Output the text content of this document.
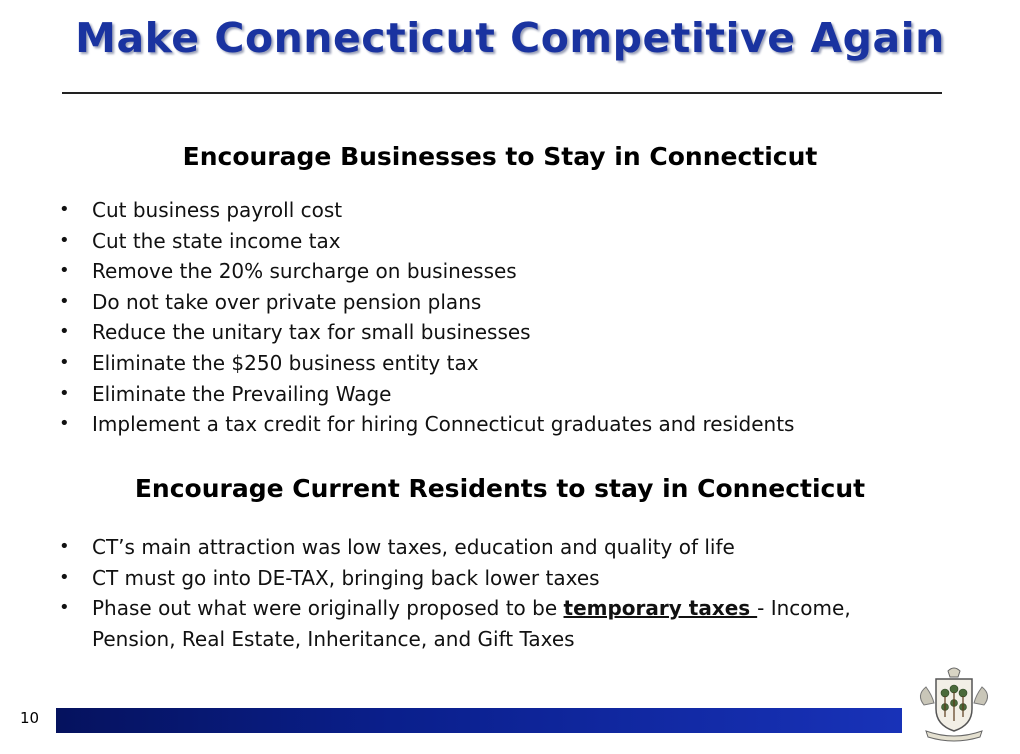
Make Connecticut Competitive Again
Encourage Businesses to Stay in Connecticut
• Cut business payroll cost
• Cut the state income tax
• Remove the 20% surcharge on businesses
• Do not take over private pension plans
• Reduce the unitary tax for small businesses
• Eliminate the $250 business entity tax
• Eliminate the Prevailing Wage
• Implement a tax credit for hiring Connecticut graduates and residents
Encourage Current Residents to stay in Connecticut
• CT’s main attraction was low taxes, education and quality of life
• CT must go into DE-TAX, bringing back lower taxes
• Phase out what were originally proposed to be temporary taxes - Income, Pension, Real Estate, Inheritance, and Gift Taxes
10
